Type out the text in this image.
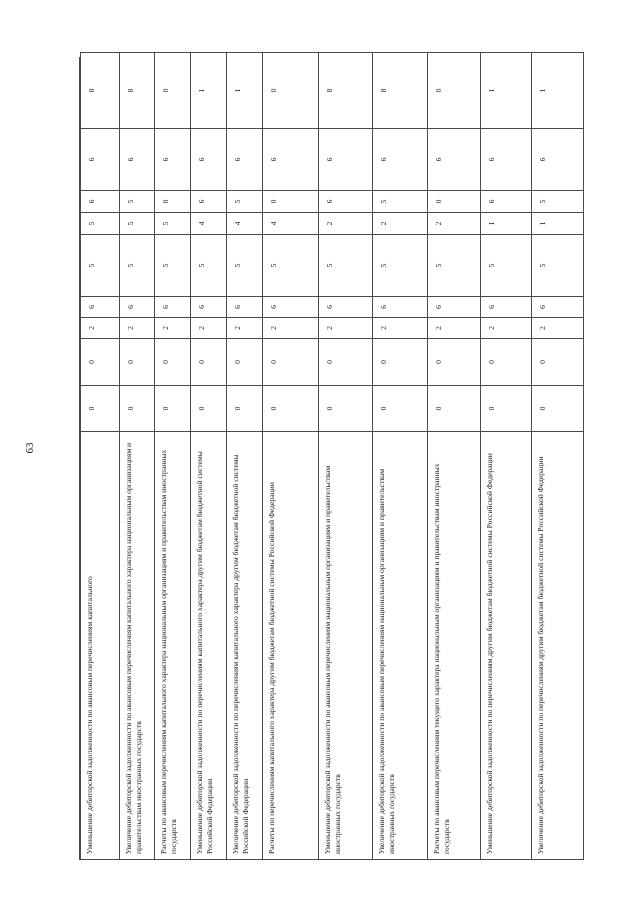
63
Уменьшение дебиторской задолженности по авансовым перечислениям капитального	0	0	2	6	5	5	6	6	8
Увеличение дебиторской задолженности по авансовым перечислениям капитального характера национальным организациям и правительствам иностранных государств	0	0	2	6	5	5	5	6	8
Расчеты по авансовым перечислениям капитального характера национальным организациям и правительствам иностранных государств	0	0	2	6	5	5	0	6	0
Уменьшение дебиторской задолженности по перечислениям капитального характера другим бюджетам бюджетной системы Российской Федерации	0	0	2	6	5	4	6	6	1
Увеличение дебиторской задолженности по перечислениям капитального характера другим бюджетам бюджетной системы Российской Федерации	0	0	2	6	5	4	5	6	1
Расчеты по перечислениям капитального характера другим бюджетам бюджетной системы Российской Федерации	0	0	2	6	5	4	0	6	0
Уменьшение дебиторской задолженности по авансовым перечислениям национальным организациям и правительствам иностранных государств	0	0	2	6	5	2	6	6	8
Увеличение дебиторской задолженности по авансовым перечислениям национальным организациям и правительствам иностранных государств	0	0	2	6	5	2	5	6	8
Расчеты по авансовым перечислениям текущего характера национальным организациям и правительствам иностранных государств	0	0	2	6	5	2	0	6	0
Уменьшение дебиторской задолженности по перечислениям другим бюджетам бюджетной системы Российской Федерации	0	0	2	6	5	1	6	6	1
Увеличение дебиторской задолженности по перечислениям другим бюджетам бюджетной системы Российской Федерации	0	0	2	6	5	1	5	6	1
